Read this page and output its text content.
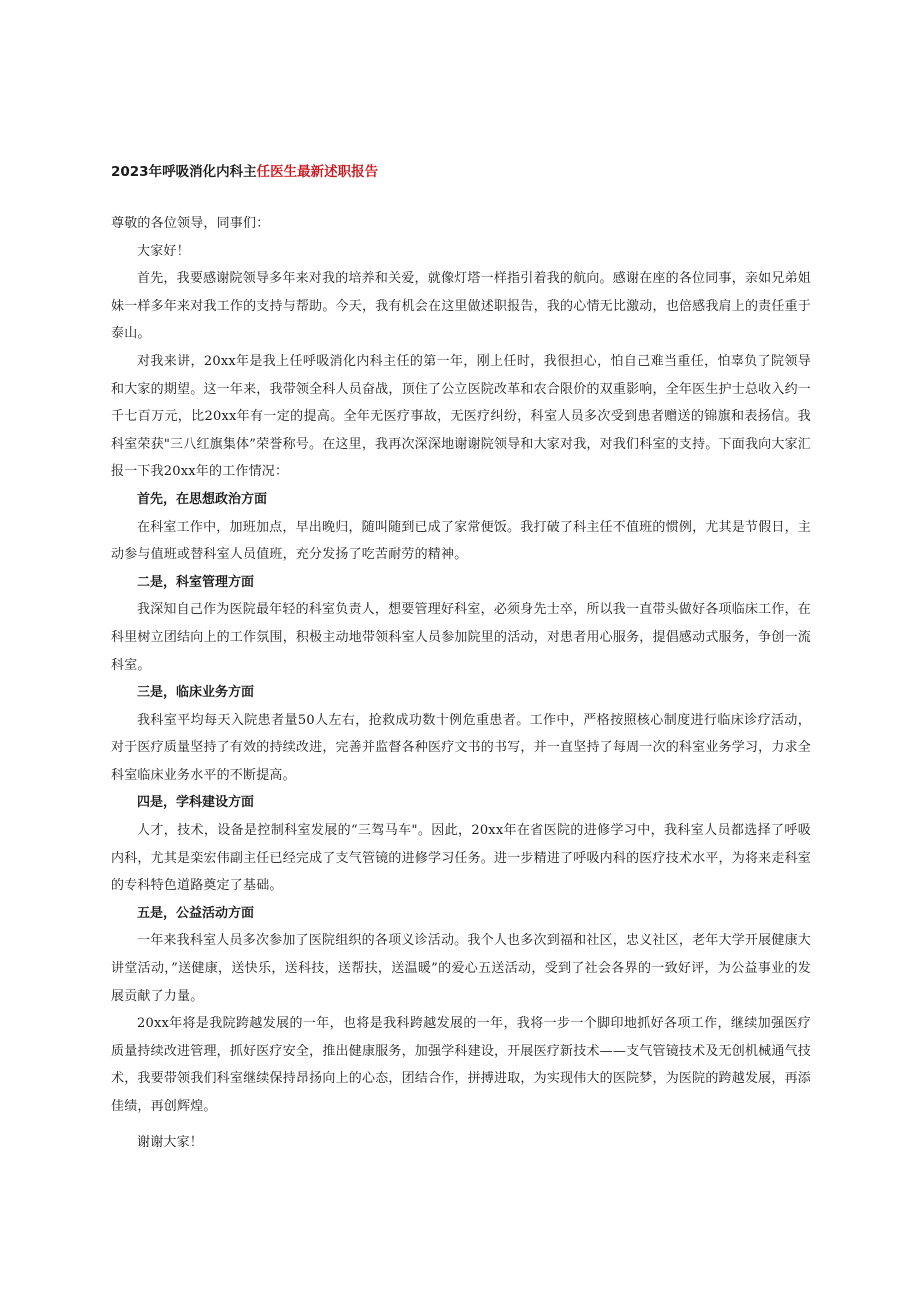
2023年呼吸消化内科主任医生最新述职报告

尊敬的各位领导，同事们：

大家好！

首先，我要感谢院领导多年来对我的培养和关爱，就像灯塔一样指引着我的航向。感谢在座的各位同事，亲如兄弟姐妹一样多年来对我工作的支持与帮助。今天，我有机会在这里做述职报告，我的心情无比激动，也倍感我肩上的责任重于泰山。

对我来讲，20xx年是我上任呼吸消化内科主任的第一年，刚上任时，我很担心，怕自己难当重任，怕辜负了院领导和大家的期望。这一年来，我带领全科人员奋战，顶住了公立医院改革和农合限价的双重影响，全年医生护士总收入约一千七百万元，比20xx年有一定的提高。全年无医疗事故，无医疗纠纷，科室人员多次受到患者赠送的锦旗和表扬信。我科室荣获"三八红旗集体”荣誉称号。在这里，我再次深深地谢谢院领导和大家对我，对我们科室的支持。下面我向大家汇报一下我20xx年的工作情况：

首先，在思想政治方面

在科室工作中，加班加点，早出晚归，随叫随到已成了家常便饭。我打破了科主任不值班的惯例，尤其是节假日，主动参与值班或替科室人员值班，充分发扬了吃苦耐劳的精神。

二是，科室管理方面

我深知自己作为医院最年轻的科室负责人，想要管理好科室，必须身先士卒，所以我一直带头做好各项临床工作，在科里树立团结向上的工作氛围，积极主动地带领科室人员参加院里的活动，对患者用心服务，提倡感动式服务，争创一流科室。

三是，临床业务方面

我科室平均每天入院患者量50人左右，抢救成功数十例危重患者。工作中，严格按照核心制度进行临床诊疗活动，对于医疗质量坚持了有效的持续改进，完善并监督各种医疗文书的书写，并一直坚持了每周一次的科室业务学习，力求全科室临床业务水平的不断提高。

四是，学科建设方面

人才，技术，设备是控制科室发展的“三驾马车"。因此，20xx年在省医院的进修学习中，我科室人员都选择了呼吸内科，尤其是栾宏伟副主任已经完成了支气管镜的进修学习任务。进一步精进了呼吸内科的医疗技术水平，为将来走科室的专科特色道路奠定了基础。

五是，公益活动方面

一年来我科室人员多次参加了医院组织的各项义诊活动。我个人也多次到福和社区，忠义社区，老年大学开展健康大讲堂活动，”送健康，送快乐，送科技，送帮扶，送温暖”的爱心五送活动，受到了社会各界的一致好评，为公益事业的发展贡献了力量。

20xx年将是我院跨越发展的一年，也将是我科跨越发展的一年，我将一步一个脚印地抓好各项工作，继续加强医疗质量持续改进管理，抓好医疗安全，推出健康服务，加强学科建设，开展医疗新技术——支气管镜技术及无创机械通气技术，我要带领我们科室继续保持昂扬向上的心态，团结合作，拼搏进取，为实现伟大的医院梦，为医院的跨越发展，再添佳绩，再创辉煌。

谢谢大家！
